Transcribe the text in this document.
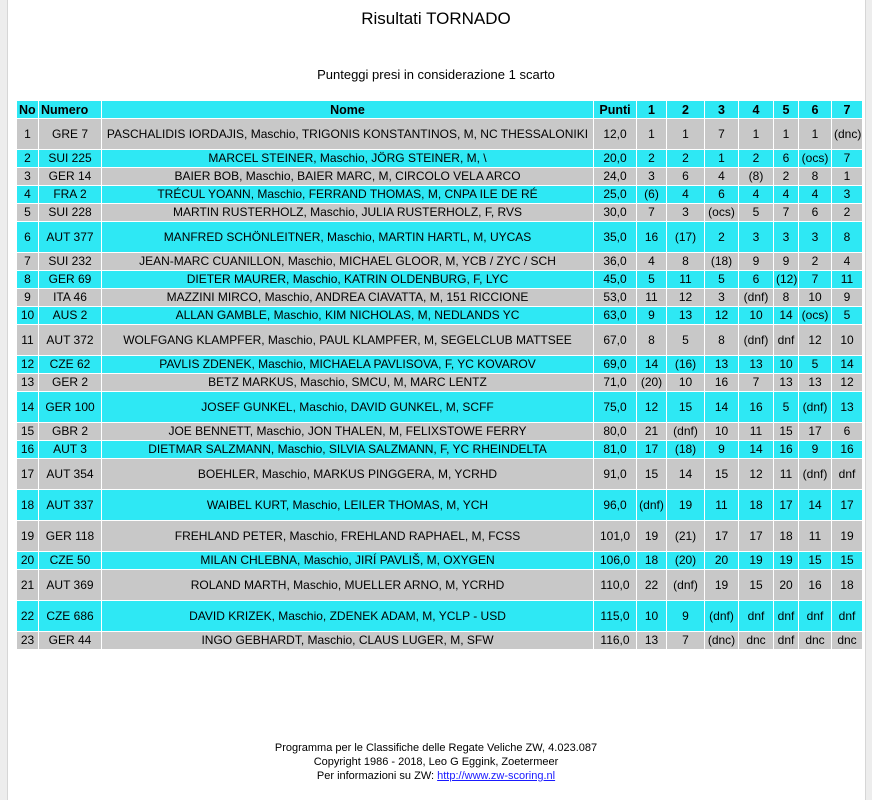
Risultati TORNADO
Punteggi presi in considerazione 1 scarto
No	Numero	Nome	Punti	1	2	3	4	5	6	7
1	GRE 7	PASCHALIDIS IORDAJIS, Maschio, TRIGONIS KONSTANTINOS, M, NC THESSALONIKI	12,0	1	1	7	1	1	1	(dnc)
2	SUI 225	MARCEL STEINER, Maschio, JÖRG STEINER, M, \	20,0	2	2	1	2	6	(ocs)	7
3	GER 14	BAIER BOB, Maschio, BAIER MARC, M, CIRCOLO VELA ARCO	24,0	3	6	4	(8)	2	8	1
4	FRA 2	TRÉCUL YOANN, Maschio, FERRAND THOMAS, M, CNPA ILE DE RÉ	25,0	(6)	4	6	4	4	4	3
5	SUI 228	MARTIN RUSTERHOLZ, Maschio, JULIA RUSTERHOLZ, F, RVS	30,0	7	3	(ocs)	5	7	6	2
6	AUT 377	MANFRED SCHÖNLEITNER, Maschio, MARTIN HARTL, M, UYCAS	35,0	16	(17)	2	3	3	3	8
7	SUI 232	JEAN-MARC CUANILLON, Maschio, MICHAEL GLOOR, M, YCB / ZYC / SCH	36,0	4	8	(18)	9	9	2	4
8	GER 69	DIETER MAURER, Maschio, KATRIN OLDENBURG, F, LYC	45,0	5	11	5	6	(12)	7	11
9	ITA 46	MAZZINI MIRCO, Maschio, ANDREA CIAVATTA, M, 151 RICCIONE	53,0	11	12	3	(dnf)	8	10	9
10	AUS 2	ALLAN GAMBLE, Maschio, KIM NICHOLAS, M, NEDLANDS YC	63,0	9	13	12	10	14	(ocs)	5
11	AUT 372	WOLFGANG KLAMPFER, Maschio, PAUL KLAMPFER, M, SEGELCLUB MATTSEE	67,0	8	5	8	(dnf)	dnf	12	10
12	CZE 62	PAVLIS ZDENEK, Maschio, MICHAELA PAVLISOVA, F, YC KOVAROV	69,0	14	(16)	13	13	10	5	14
13	GER 2	BETZ MARKUS, Maschio, SMCU, M, MARC LENTZ	71,0	(20)	10	16	7	13	13	12
14	GER 100	JOSEF GUNKEL, Maschio, DAVID GUNKEL, M, SCFF	75,0	12	15	14	16	5	(dnf)	13
15	GBR 2	JOE BENNETT, Maschio, JON THALEN, M, FELIXSTOWE FERRY	80,0	21	(dnf)	10	11	15	17	6
16	AUT 3	DIETMAR SALZMANN, Maschio, SILVIA SALZMANN, F, YC RHEINDELTA	81,0	17	(18)	9	14	16	9	16
17	AUT 354	BOEHLER, Maschio, MARKUS PINGGERA, M, YCRHD	91,0	15	14	15	12	11	(dnf)	dnf
18	AUT 337	WAIBEL KURT, Maschio, LEILER THOMAS, M, YCH	96,0	(dnf)	19	11	18	17	14	17
19	GER 118	FREHLAND PETER, Maschio, FREHLAND RAPHAEL, M, FCSS	101,0	19	(21)	17	17	18	11	19
20	CZE 50	MILAN CHLEBNA, Maschio, JIRÍ PAVLIŠ, M, OXYGEN	106,0	18	(20)	20	19	19	15	15
21	AUT 369	ROLAND MARTH, Maschio, MUELLER ARNO, M, YCRHD	110,0	22	(dnf)	19	15	20	16	18
22	CZE 686	DAVID KRIZEK, Maschio, ZDENEK ADAM, M, YCLP - USD	115,0	10	9	(dnf)	dnf	dnf	dnf	dnf
23	GER 44	INGO GEBHARDT, Maschio, CLAUS LUGER, M, SFW	116,0	13	7	(dnc)	dnc	dnf	dnc	dnc
Programma per le Classifiche delle Regate Veliche ZW, 4.023.087
Copyright 1986 - 2018, Leo G Eggink, Zoetermeer
Per informazioni su ZW: http://www.zw-scoring.nl
